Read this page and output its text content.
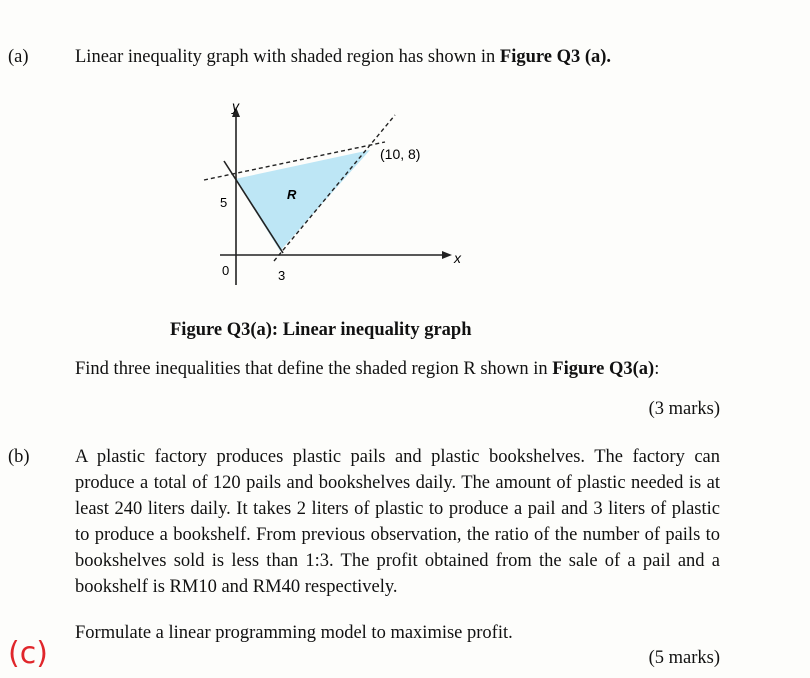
(a)	Linear inequality graph with shaded region has shown in Figure Q3 (a).
y
x
0
5
3
(10, 8)
R
Figure Q3(a): Linear inequality graph
Find three inequalities that define the shaded region R shown in Figure Q3(a):
(3 marks)
(b) A plastic factory produces plastic pails and plastic bookshelves. The factory can produce a total of 120 pails and bookshelves daily. The amount of plastic needed is at least 240 liters daily. It takes 2 liters of plastic to produce a pail and 3 liters of plastic to produce a bookshelf. From previous observation, the ratio of the number of pails to bookshelves sold is less than 1:3. The profit obtained from the sale of a pail and a bookshelf is RM10 and RM40 respectively.
Formulate a linear programming model to maximise profit.
(c)	(5 marks)
